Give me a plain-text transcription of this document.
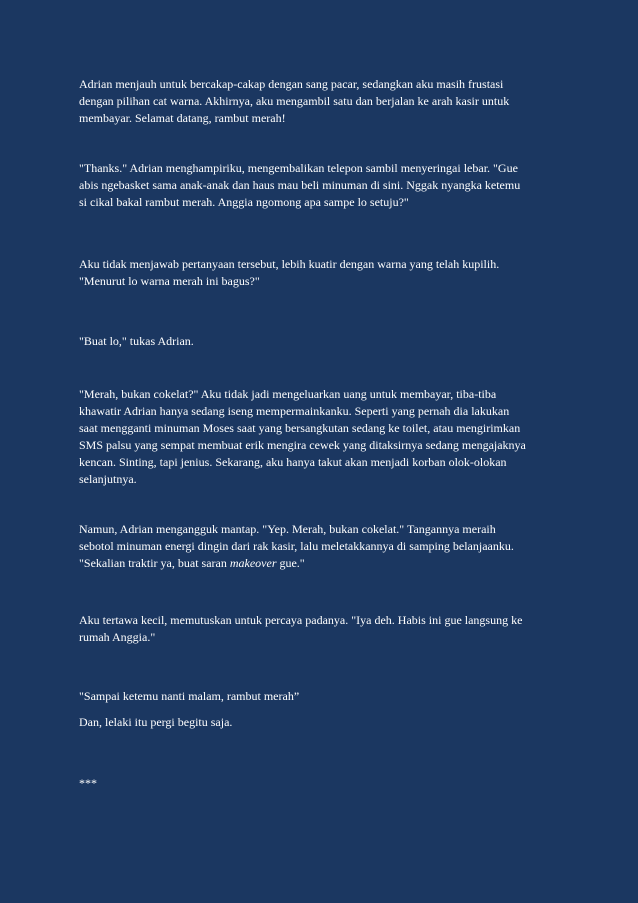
Adrian menjauh untuk bercakap-cakap dengan sang pacar, sedangkan aku masih frustasi
dengan pilihan cat warna. Akhirnya, aku mengambil satu dan berjalan ke arah kasir untuk
membayar. Selamat datang, rambut merah!

"Thanks." Adrian menghampiriku, mengembalikan telepon sambil menyeringai lebar. "Gue
abis ngebasket sama anak-anak dan haus mau beli minuman di sini. Nggak nyangka ketemu
si cikal bakal rambut merah. Anggia ngomong apa sampe lo setuju?"

Aku tidak menjawab pertanyaan tersebut, lebih kuatir dengan warna yang telah kupilih.
"Menurut lo warna merah ini bagus?"

"Buat lo," tukas Adrian.

"Merah, bukan cokelat?" Aku tidak jadi mengeluarkan uang untuk membayar, tiba-tiba
khawatir Adrian hanya sedang iseng mempermainkanku. Seperti yang pernah dia lakukan
saat mengganti minuman Moses saat yang bersangkutan sedang ke toilet, atau mengirimkan
SMS palsu yang sempat membuat erik mengira cewek yang ditaksirnya sedang mengajaknya
kencan. Sinting, tapi jenius. Sekarang, aku hanya takut akan menjadi korban olok-olokan
selanjutnya.

Namun, Adrian mengangguk mantap. "Yep. Merah, bukan cokelat." Tangannya meraih
sebotol minuman energi dingin dari rak kasir, lalu meletakkannya di samping belanjaanku.
"Sekalian traktir ya, buat saran makeover gue."

Aku tertawa kecil, memutuskan untuk percaya padanya. "Iya deh. Habis ini gue langsung ke
rumah Anggia."

"Sampai ketemu nanti malam, rambut merah”

Dan, lelaki itu pergi begitu saja.

***
